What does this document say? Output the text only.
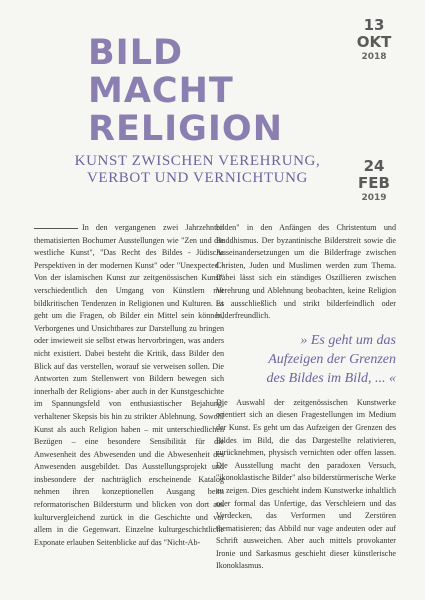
BILD
MACHT
RELIGION
KUNST ZWISCHEN VEREHRUNG,
VERBOT UND VERNICHTUNG
13
OKT
2018
24
FEB
2019

In den vergangenen zwei Jahrzehnten thematisierten Bochumer Ausstellungen wie "Zen und die westliche Kunst", "Das Recht des Bildes - Jüdische Perspektiven in der modernen Kunst" oder "Unexpected - Von der islamischen Kunst zur zeitgenössischen Kunst" verschiedentlich den Umgang von Künstlern mit bildkritischen Tendenzen in Religionen und Kulturen. Es geht um die Fragen, ob Bilder ein Mittel sein können, Verborgenes und Unsichtbares zur Darstellung zu bringen oder inwieweit sie selbst etwas hervorbringen, was anders nicht existiert. Dabei besteht die Kritik, dass Bilder den Blick auf das verstellen, worauf sie verweisen sollen. Die Antworten zum Stellenwert von Bildern bewegen sich innerhalb der Religions- aber auch in der Kunstgeschichte im Spannungsfeld von enthusiastischer Bejahung, verhaltener Skepsis bis hin zu strikter Ablehnung. Sowohl Kunst als auch Religion haben – mit unterschiedlichen Bezügen – eine besondere Sensibilität für die Anwesenheit des Abwesenden und die Abwesenheit des Anwesenden ausgebildet. Das Ausstellungsprojekt und insbesondere der nachträglich erscheinende Katalog nehmen ihren konzeptionellen Ausgang beim reformatorischen Bildersturm und blicken von dort aus kulturvergleichend zurück in die Geschichte und vor allem in die Gegenwart. Einzelne kulturgeschichtliche Exponate erlauben Seitenblicke auf das "Nicht-Ab-

bilden" in den Anfängen des Christentum und Buddhismus. Der byzantinische Bilderstreit sowie die Auseinandersetzungen um die Bilderfrage zwischen Christen, Juden und Muslimen werden zum Thema. Dabei lässt sich ein ständiges Oszillieren zwischen Verehrung und Ablehnung beobachten, keine Religion ist ausschließlich und strikt bilderfeindlich oder bilderfreundlich.

» Es geht um das
Aufzeigen der Grenzen
des Bildes im Bild, ... «

Die Auswahl der zeitgenössischen Kunstwerke orientiert sich an diesen Fragestellungen im Medium der Kunst. Es geht um das Aufzeigen der Grenzen des Bildes im Bild, die das Dargestellte relativieren, zurücknehmen, physisch vernichten oder offen lassen. Die Ausstellung macht den paradoxen Versuch, "ikonoklastische Bilder" also bilderstürmerische Werke zu zeigen. Dies geschieht indem Kunstwerke inhaltlich oder formal das Unfertige, das Verschleiern und das Verdecken, das Verformen und Zerstören thematisieren; das Abbild nur vage andeuten oder auf Schrift ausweichen. Aber auch mittels provokanter Ironie und Sarkasmus geschieht dieser künstlerische Ikonoklasmus.
